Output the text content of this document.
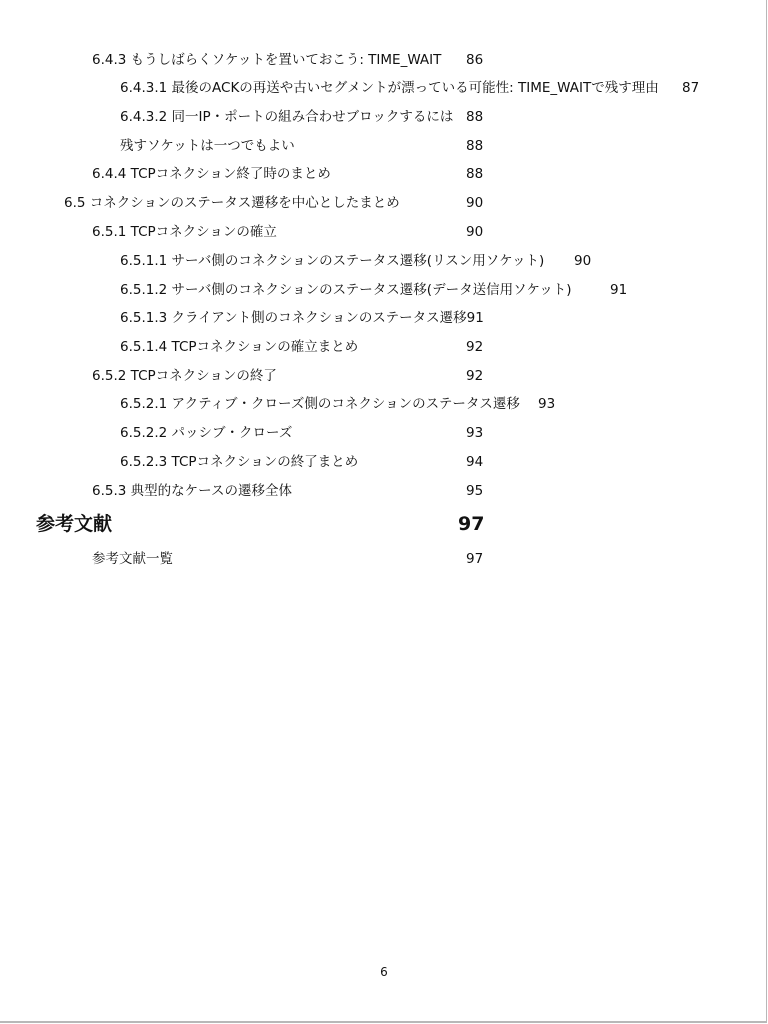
6.4.3 もうしばらくソケットを置いておこう: TIME_WAIT 86
6.4.3.1 最後のACKの再送や古いセグメントが漂っている可能性: TIME_WAITで残す理由 87
6.4.3.2 同一IP・ポートの組み合わせブロックするには 88
残すソケットは一つでもよい	88
6.4.4 TCPコネクション終了時のまとめ	88
6.5 コネクションのステータス遷移を中心としたまとめ	90
6.5.1 TCPコネクションの確立	90
6.5.1.1 サーバ側のコネクションのステータス遷移(リスン用ソケット) 90
6.5.1.2 サーバ側のコネクションのステータス遷移(データ送信用ソケット)	91
6.5.1.3 クライアント側のコネクションのステータス遷移91
6.5.1.4 TCPコネクションの確立まとめ	92
6.5.2 TCPコネクションの終了	92
6.5.2.1 アクティブ・クローズ側のコネクションのステータス遷移 93
6.5.2.2 パッシブ・クローズ	93
6.5.2.3 TCPコネクションの終了まとめ	94
6.5.3 典型的なケースの遷移全体	95
参考文献	97
参考文献一覧	97
6
